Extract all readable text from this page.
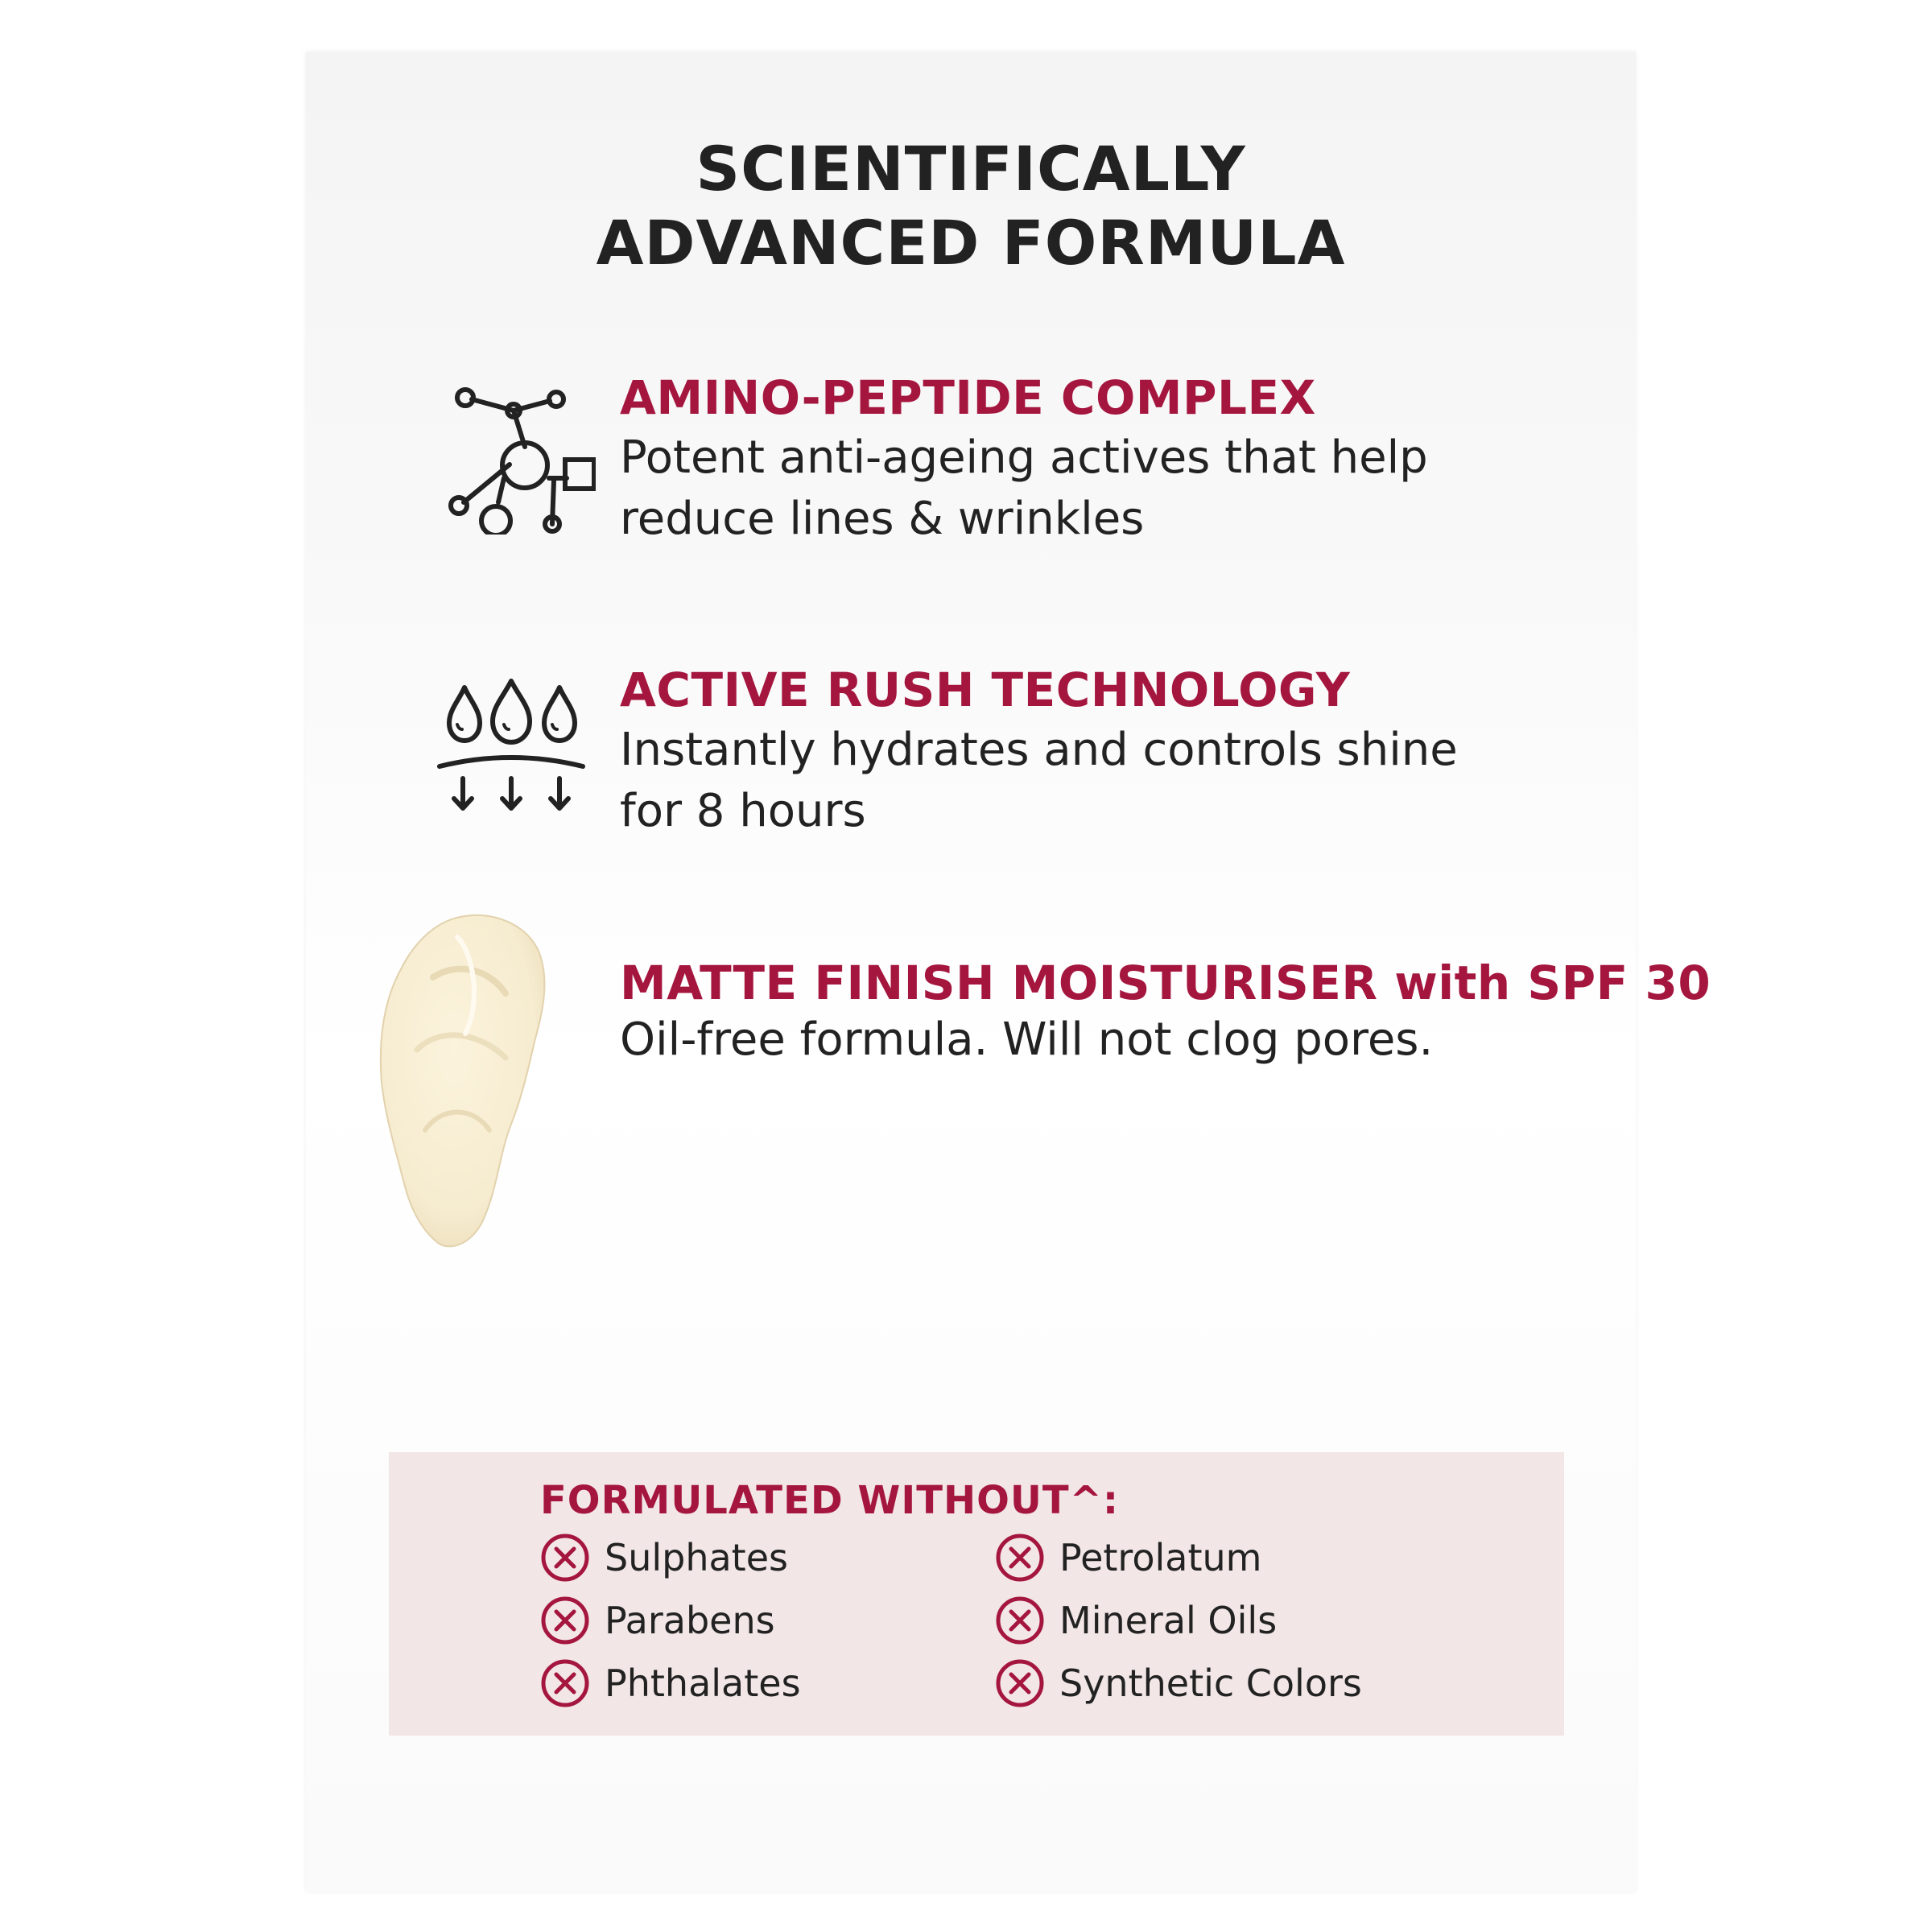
SCIENTIFICALLY
ADVANCED FORMULA
AMINO-PEPTIDE COMPLEX
Potent anti-ageing actives that help
reduce lines & wrinkles
ACTIVE RUSH TECHNOLOGY
Instantly hydrates and controls shine
for 8 hours
MATTE FINISH MOISTURISER with SPF 30
Oil-free formula. Will not clog pores.
FORMULATED WITHOUT^:
Sulphates
Parabens
Phthalates
Petrolatum
Mineral Oils
Synthetic Colors
